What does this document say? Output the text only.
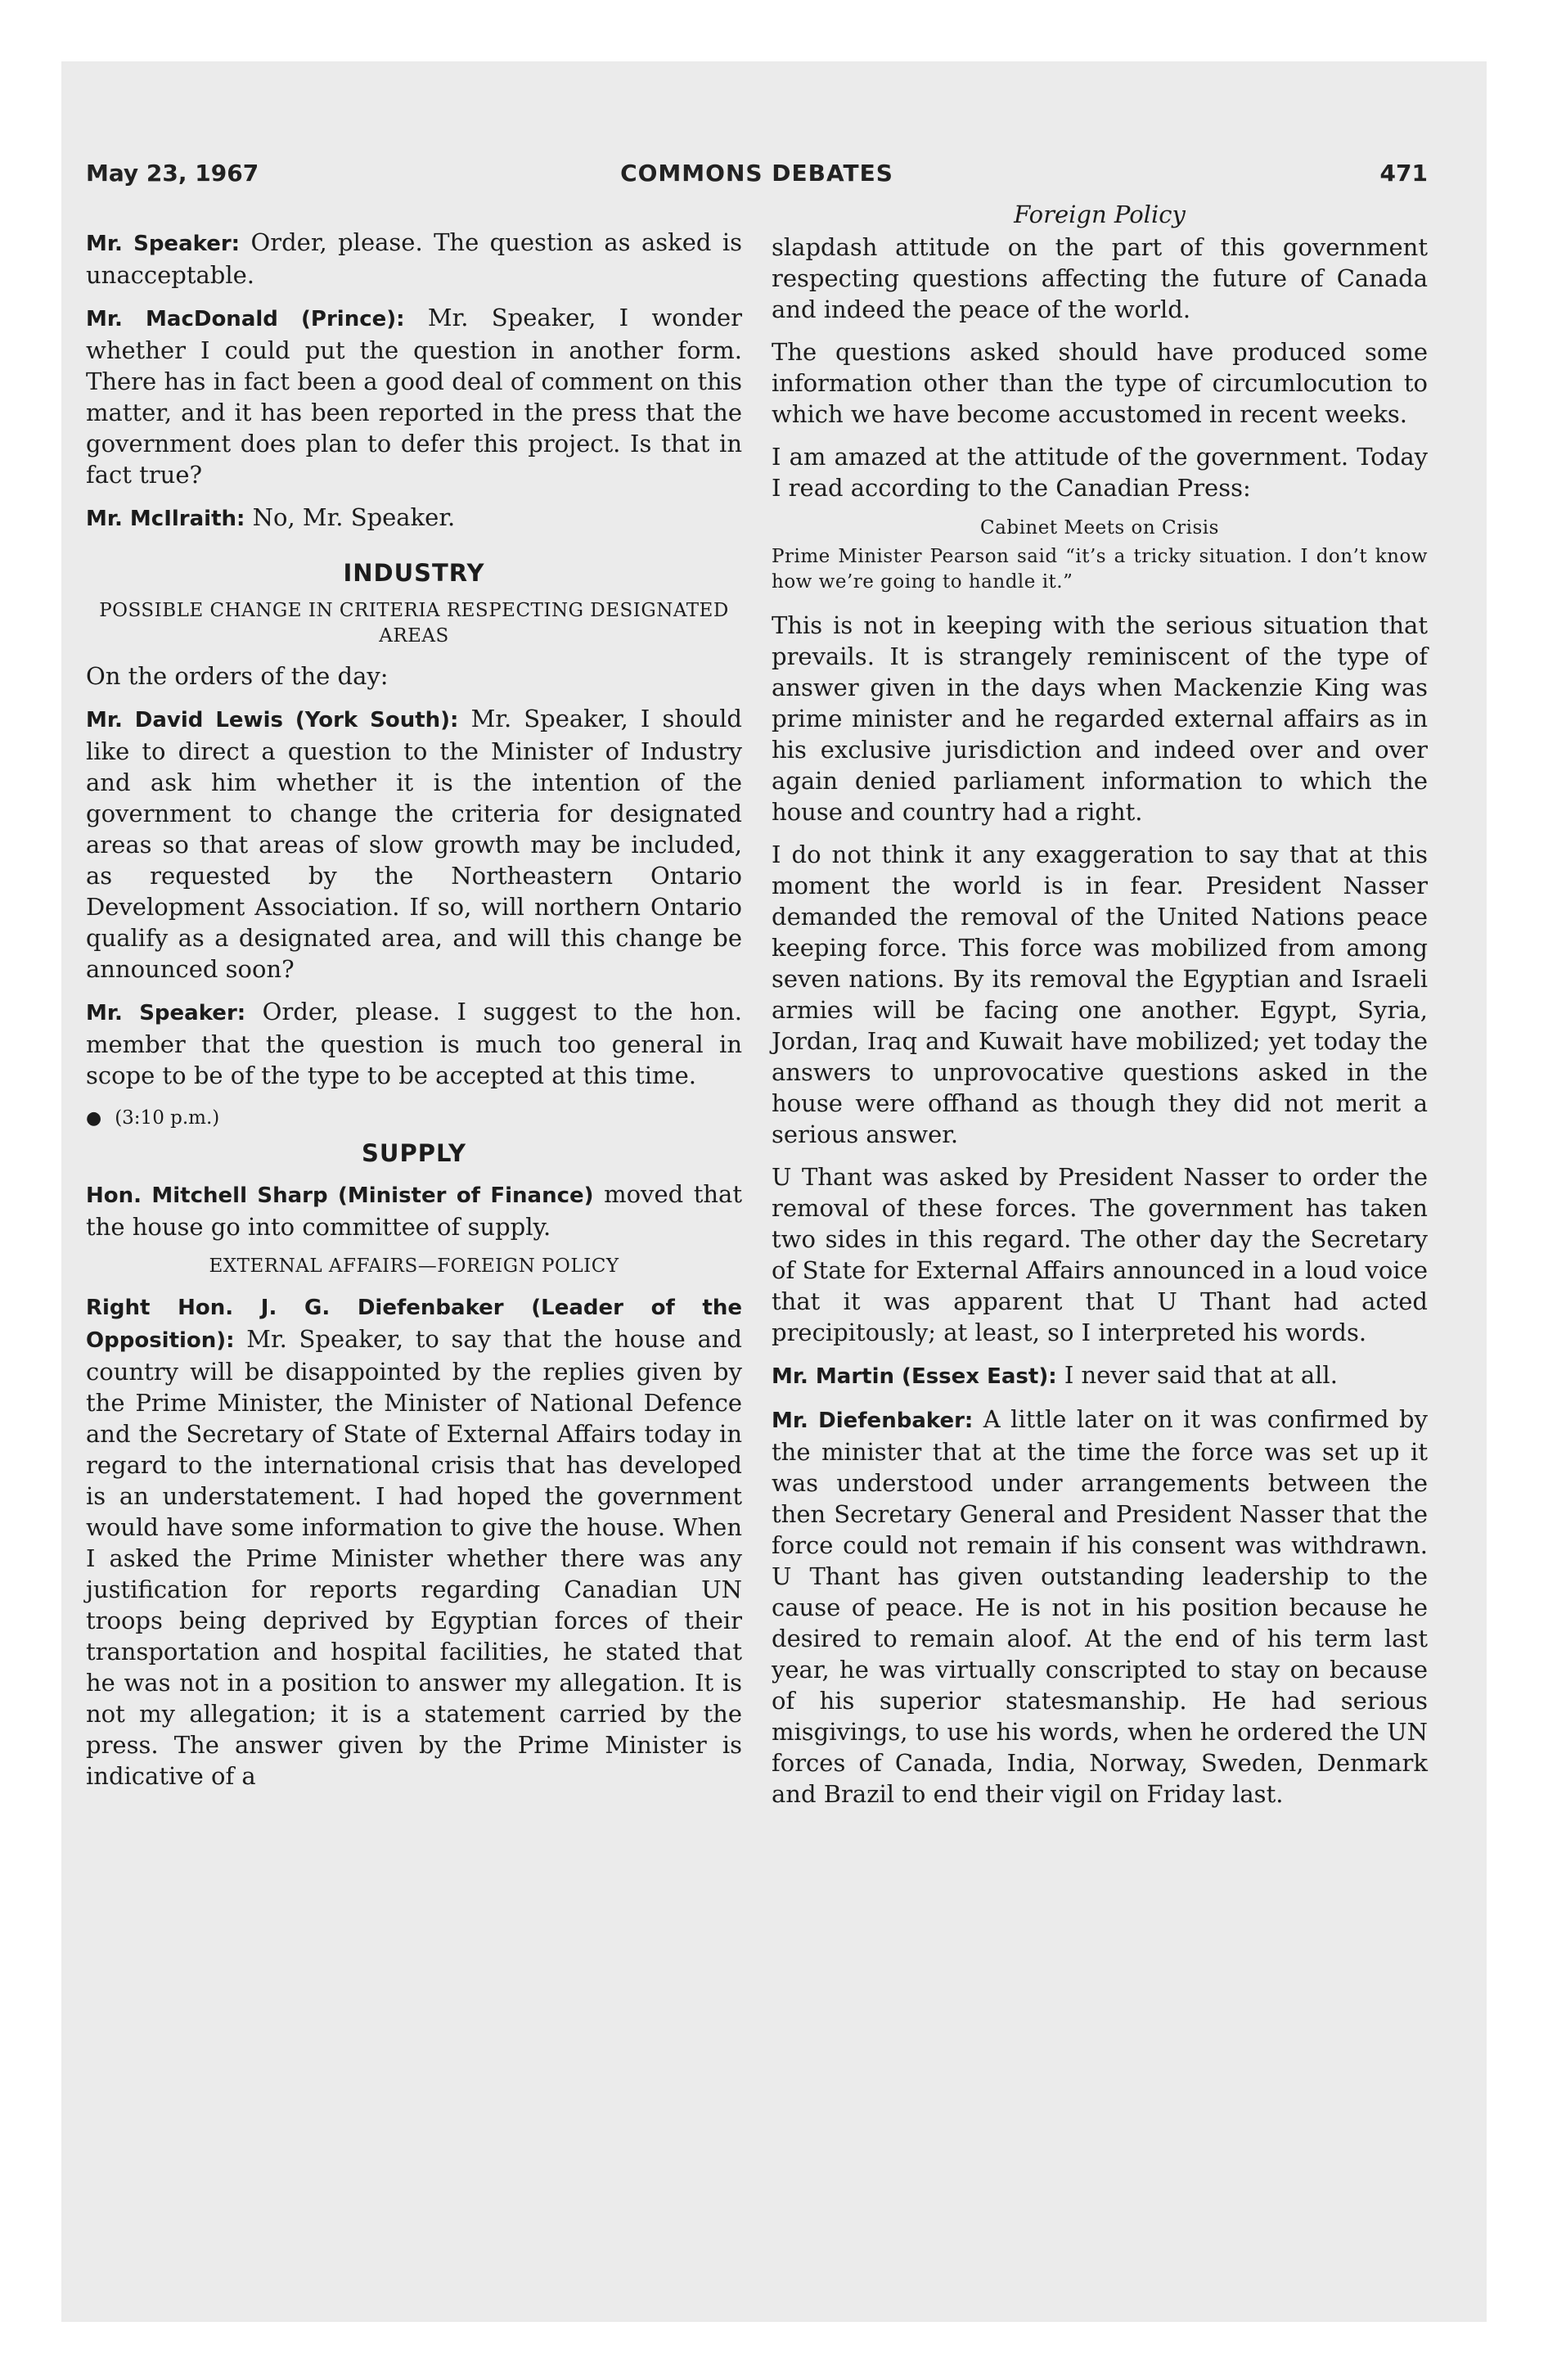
May 23, 1967	COMMONS DEBATES	471

Mr. Speaker: Order, please. The question as asked is unacceptable.

Mr. MacDonald (Prince): Mr. Speaker, I wonder whether I could put the question in another form. There has in fact been a good deal of comment on this matter, and it has been reported in the press that the government does plan to defer this project. Is that in fact true?

Mr. McIlraith: No, Mr. Speaker.

INDUSTRY
POSSIBLE CHANGE IN CRITERIA RESPECTING DESIGNATED AREAS

On the orders of the day:

Mr. David Lewis (York South): Mr. Speaker, I should like to direct a question to the Minister of Industry and ask him whether it is the intention of the government to change the criteria for designated areas so that areas of slow growth may be included, as requested by the Northeastern Ontario Development Association. If so, will northern Ontario qualify as a designated area, and will this change be announced soon?

Mr. Speaker: Order, please. I suggest to the hon. member that the question is much too general in scope to be of the type to be accepted at this time.

● (3:10 p.m.)
SUPPLY

Hon. Mitchell Sharp (Minister of Finance) moved that the house go into committee of supply.

EXTERNAL AFFAIRS—FOREIGN POLICY

Right Hon. J. G. Diefenbaker (Leader of the Opposition): Mr. Speaker, to say that the house and country will be disappointed by the replies given by the Prime Minister, the Minister of National Defence and the Secretary of State of External Affairs today in regard to the international crisis that has developed is an understatement. I had hoped the government would have some information to give the house. When I asked the Prime Minister whether there was any justification for reports regarding Canadian UN troops being deprived by Egyptian forces of their transportation and hospital facilities, he stated that he was not in a position to answer my allegation. It is not my allegation; it is a statement carried by the press. The answer given by the Prime Minister is indicative of a

Foreign Policy

slapdash attitude on the part of this government respecting questions affecting the future of Canada and indeed the peace of the world.

The questions asked should have produced some information other than the type of circumlocution to which we have become accustomed in recent weeks.

I am amazed at the attitude of the government. Today I read according to the Canadian Press:

Cabinet Meets on Crisis
Prime Minister Pearson said “it’s a tricky situation. I don’t know how we’re going to handle it.”

This is not in keeping with the serious situation that prevails. It is strangely reminiscent of the type of answer given in the days when Mackenzie King was prime minister and he regarded external affairs as in his exclusive jurisdiction and indeed over and over again denied parliament information to which the house and country had a right.

I do not think it any exaggeration to say that at this moment the world is in fear. President Nasser demanded the removal of the United Nations peace keeping force. This force was mobilized from among seven nations. By its removal the Egyptian and Israeli armies will be facing one another. Egypt, Syria, Jordan, Iraq and Kuwait have mobilized; yet today the answers to unprovocative questions asked in the house were offhand as though they did not merit a serious answer.

U Thant was asked by President Nasser to order the removal of these forces. The government has taken two sides in this regard. The other day the Secretary of State for External Affairs announced in a loud voice that it was apparent that U Thant had acted precipitously; at least, so I interpreted his words.

Mr. Martin (Essex East): I never said that at all.

Mr. Diefenbaker: A little later on it was confirmed by the minister that at the time the force was set up it was understood under arrangements between the then Secretary General and President Nasser that the force could not remain if his consent was withdrawn. U Thant has given outstanding leadership to the cause of peace. He is not in his position because he desired to remain aloof. At the end of his term last year, he was virtually conscripted to stay on because of his superior statesmanship. He had serious misgivings, to use his words, when he ordered the UN forces of Canada, India, Norway, Sweden, Denmark and Brazil to end their vigil on Friday last.
